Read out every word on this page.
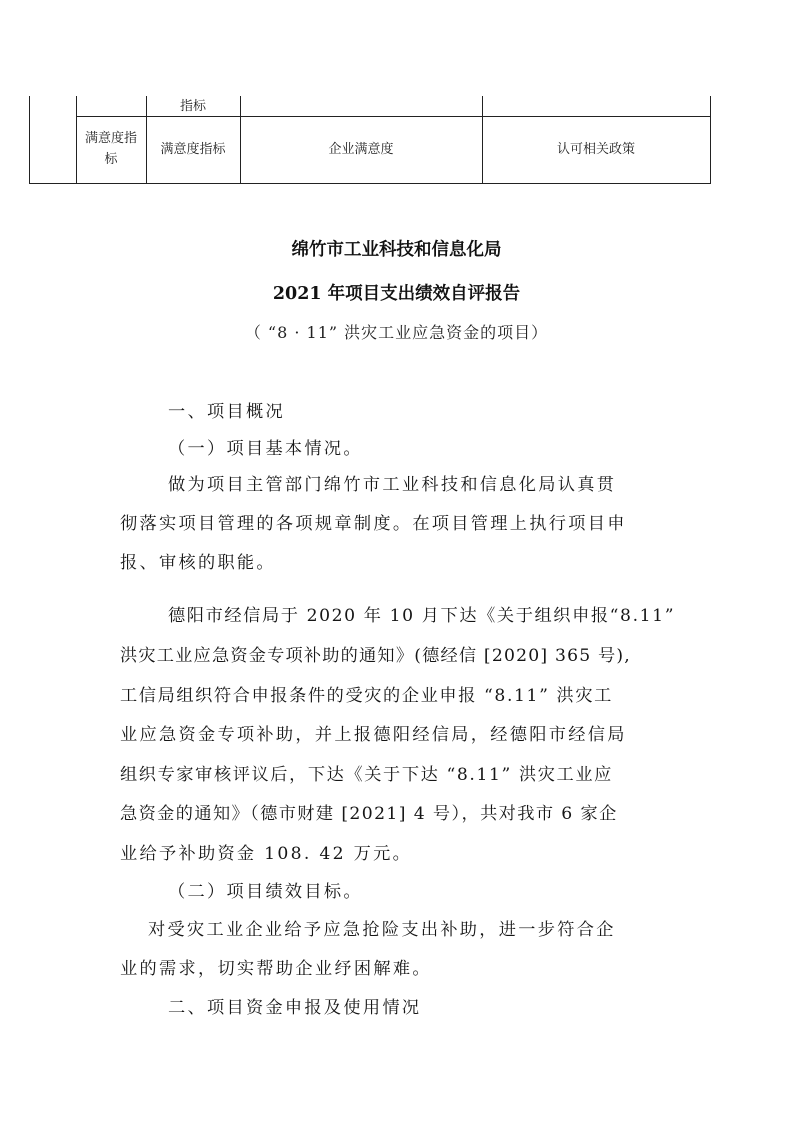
指标
满意度指标
满意度指标	企业满意度	认可相关政策
绵竹市工业科技和信息化局
2021 年项目支出绩效自评报告
（ “8 · 11” 洪灾工业应急资金的项目）
一、项目概况
（一）项目基本情况。
做为项目主管部门绵竹市工业科技和信息化局认真贯
彻落实项目管理的各项规章制度。在项目管理上执行项目申
报、审核的职能。
德阳市经信局于 2020 年 10 月下达《关于组织申报“8.11”
洪灾工业应急资金专项补助的通知》(德经信 [2020] 365 号),
工信局组织符合申报条件的受灾的企业申报 “8.11” 洪灾工
业应急资金专项补助，并上报德阳经信局，经德阳市经信局
组织专家审核评议后，下达《关于下达 “8.11” 洪灾工业应
急资金的通知》（德市财建 [2021] 4 号），共对我市 6 家企
业给予补助资金 108. 42 万元。
（二）项目绩效目标。
对受灾工业企业给予应急抢险支出补助，进一步符合企
业的需求，切实帮助企业纾困解难。
二、项目资金申报及使用情况
